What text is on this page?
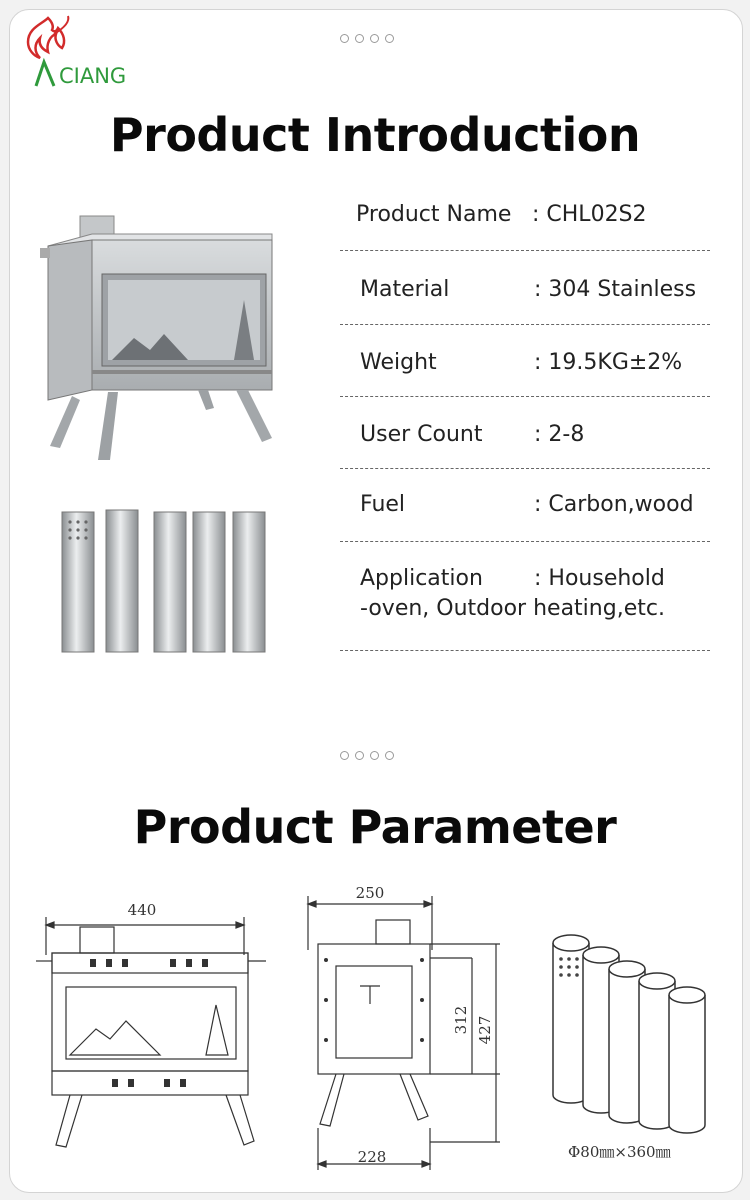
CIANG
Product Introduction
Product Name : CHL02S2
Material	: 304 Stainless
Weight	: 19.5KG±2%
User Count : 2-8
Fuel	: Carbon,wood
Application : Household
-oven, Outdoor heating,etc.
Product Parameter
440
250
312 427
228	Φ80㎜×360㎜
